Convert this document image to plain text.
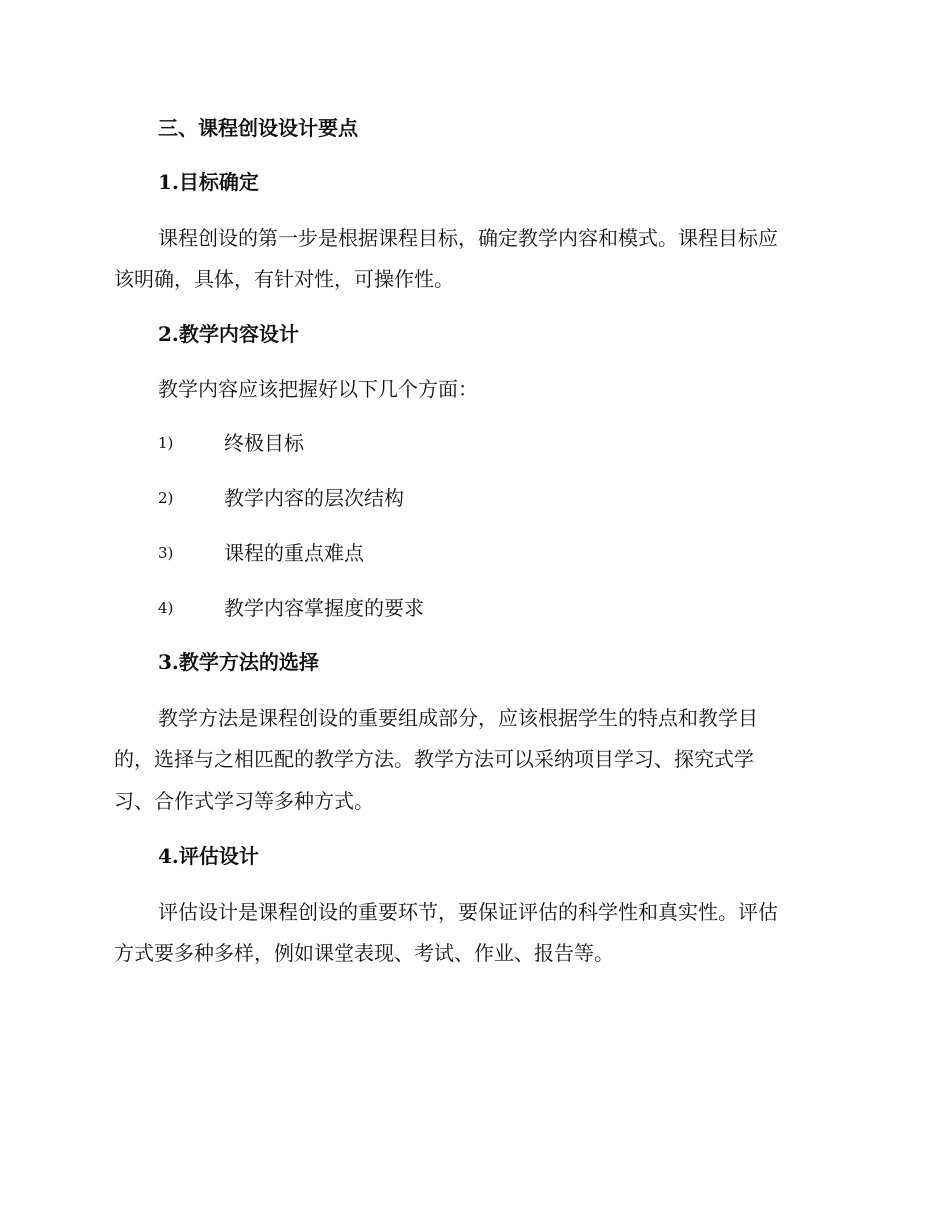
三、课程创设设计要点
1.目标确定
课程创设的第一步是根据课程目标，确定教学内容和模式。课程目标应
该明确，具体，有针对性，可操作性。
2.教学内容设计
教学内容应该把握好以下几个方面：
1)	终极目标
2)	教学内容的层次结构
3)	课程的重点难点
4)	教学内容掌握度的要求
3.教学方法的选择
教学方法是课程创设的重要组成部分，应该根据学生的特点和教学目
的，选择与之相匹配的教学方法。教学方法可以采纳项目学习、探究式学
习、合作式学习等多种方式。
4.评估设计
评估设计是课程创设的重要环节，要保证评估的科学性和真实性。评估
方式要多种多样，例如课堂表现、考试、作业、报告等。
